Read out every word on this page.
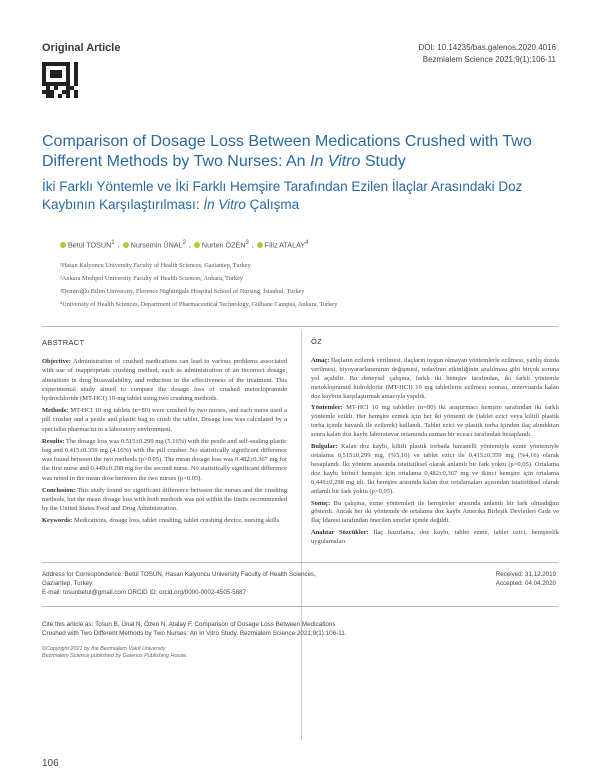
Original Article	DOI: 10.14235/bas.galenos.2020.4016
Bezmialem Science 2021;9(1):106-11
Comparison of Dosage Loss Between Medications Crushed with Two Different Methods by Two Nurses: An In Vitro Study
İki Farklı Yöntemle ve İki Farklı Hemşire Tarafından Ezilen İlaçlar Arasındaki Doz Kaybının Karşılaştırılması: İn Vitro Çalışma
Betül TOSUN$^1$ ,	Nursemin ÜNAL$^2$ ,	Nurten ÖZEN$^3$ ,	Filiz ATALAY$^4$
¹Hasan Kalyoncu University Faculty of Health Sciences, Gaziantep, Turkey
²Ankara Medipol University Faculty of Health Sciences, Ankara, Turkey
³Demiroğlu Bilim University, Florence Nightingale Hospital School of Nursing, İstanbul, Turkey
⁴University of Health Sciences, Department of Pharmaceutical Technology, Gülhane Campus, Ankara, Turkey
ABSTRACT

Objective: Administration of crushed medications can lead to various problems associated with use of inappropriate crushing method, such as administration of an incorrect dosage, alterations in drug bioavailability, and reduction in the effectiveness of the treatment. This experimental study aimed to compare the dosage loss of crushed metoclopramide hydrochloride (MT-HCI) 10-mg tablet using two crushing methods.

Methods: MT-HCI 10 mg tablets (n=80) were crushed by two nurses, and each nurse used a pill crusher and a pestle and plastic bag to crush the tablet. Dosage loss was calculated by a specialist pharmacist in a laboratory environment.

Results: The dosage loss was 0.515±0.299 mg (5.16%) with the pestle and self-sealing plastic bag and 0.415±0.359 mg (4.16%) with the pill crusher. No statistically significant difference was found between the two methods (p>0.05). The mean dosage loss was 0.482±0.367 mg for the first nurse and 0.449±0.298 mg for the second nurse. No statistically significant difference was noted in the mean dose between the two nurses (p>0.05).

Conclusion: This study found no significant difference between the nurses and the crushing methods, but the mean dosage loss with both methods was not within the limits recommended by the United States Food and Drug Administration.

Keywords: Medications, dosage loss, tablet crushing, tablet crushing device, nursing skills

ÖZ

Amaç: İlaçların ezilerek verilmesi, ilaçların uygun olmayan yöntemlerle ezilmesi, yanlış dozda verilmesi, biyoyararlanımının değişmesi, tedavinin etkinliğinin azalılması gibi birçok soruna yol açabilir. Bu deneysel çalışma, farklı iki hemşire tarafından, iki farklı yöntemle metoklopramid hidroklorür (MT-HCI) 10 mg tabletlerin ezilmesi sonrası, rezervuarda kalan doz kaybını karşılaştırmak amacıyla yapıldı.

Yöntemler: MT-HCI 10 mg tabletler (n=80) iki araştırmacı hemşire tarafından iki farklı yöntemle ezildi. Her hemşire ezmek için her iki yöntemi de (tablet ezici veya kilitli plastik torba içinde havanlı ile ezilerek) kullandı. Tablet ezici ve plastik torba içinden ilaç alındıktan sonra kalan doz kaybı laboratuvar ortamında uzman bir eczacı tarafından hesaplandı.

Bulgular: Kalan doz kaybı, kilitli plastik torbada havanelli yöntemiyle ezme yöntemiyle ortalama 0,515±0,299 mg, (%5,16) ve tablet ezici ile 0,415±0,359 mg (%4,16) olarak hesaplandı. İki yöntem arasında istatistiksel olarak anlamlı bir fark yoktu (p>0,05). Ortalama doz kaybı birinci hemşire için ortalama 0,482±0,367 mg ve ikinci hemşire için ortalama 0,449±0,298 mg idi. İki hemşire arasında kalan doz ortalamaları açısından istatistiksel olarak anlamlı bir fark yoktu (p>0,05).

Sonuç: Bu çalışma, ezme yöntemleri ile hemşireler arasında anlamlı bir fark olmadığını gösterdi. Ancak her iki yöntemde de ortalama doz kaybı Amerika Birleşik Devletleri Gıda ve İlaç İdaresi tarafından önerilen sınırlar içinde değildi.

Anahtar Sözcükler: İlaç hazırlama, doz kaybı, tablet ezme, tablet ezici, hemşirelik uygulamaları

Address for Correspondence: Betül TOSUN, Hasan Kalyoncu University Faculty of Health Sciences,
Gaziantep, Turkey
E-mail: tosunbetul@gmail.com ORCID ID: orcid.org/0000-0002-4505-5887
Received: 31.12.2019
Accepted: 04.04.2020
Cite this article as: Tosun B, Ünal N, Özen N, Atalay F. Comparison of Dosage Loss Between Medications
Crushed with Two Different Methods by Two Nurses: An In Vitro Study. Bezmialem Science 2021;9(1):106-11.
©Copyright 2021 by the Bezmialem Vakıf University
Bezmialem Science published by Galenos Publishing House.
106
